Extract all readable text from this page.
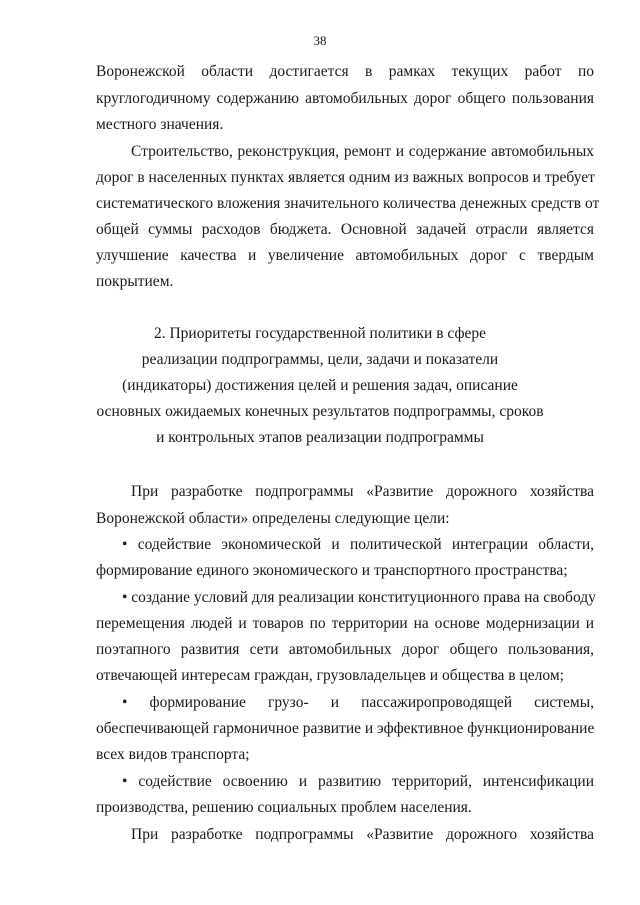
38
Воронежской области достигается в рамках текущих работ по
круглогодичному содержанию автомобильных дорог общего пользования
местного значения.
Строительство, реконструкция, ремонт и содержание автомобильных
дорог в населенных пунктах является одним из важных вопросов и требует
систематического вложения значительного количества денежных средств от
общей суммы расходов бюджета. Основной задачей отрасли является
улучшение качества и увеличение автомобильных дорог с твердым
покрытием.
2. Приоритеты государственной политики в сфере
реализации подпрограммы, цели, задачи и показатели
(индикаторы) достижения целей и решения задач, описание
основных ожидаемых конечных результатов подпрограммы, сроков
и контрольных этапов реализации подпрограммы
При разработке подпрограммы «Развитие дорожного хозяйства
Воронежской области» определены следующие цели:
• содействие экономической и политической интеграции области,
формирование единого экономического и транспортного пространства;
• создание условий для реализации конституционного права на свободу
перемещения людей и товаров по территории на основе модернизации и
поэтапного развития сети автомобильных дорог общего пользования,
отвечающей интересам граждан, грузовладельцев и общества в целом;
• формирование грузо- и пассажиропроводящей системы,
обеспечивающей гармоничное развитие и эффективное функционирование
всех видов транспорта;
• содействие освоению и развитию территорий, интенсификации
производства, решению социальных проблем населения.
При разработке подпрограммы «Развитие дорожного хозяйства
